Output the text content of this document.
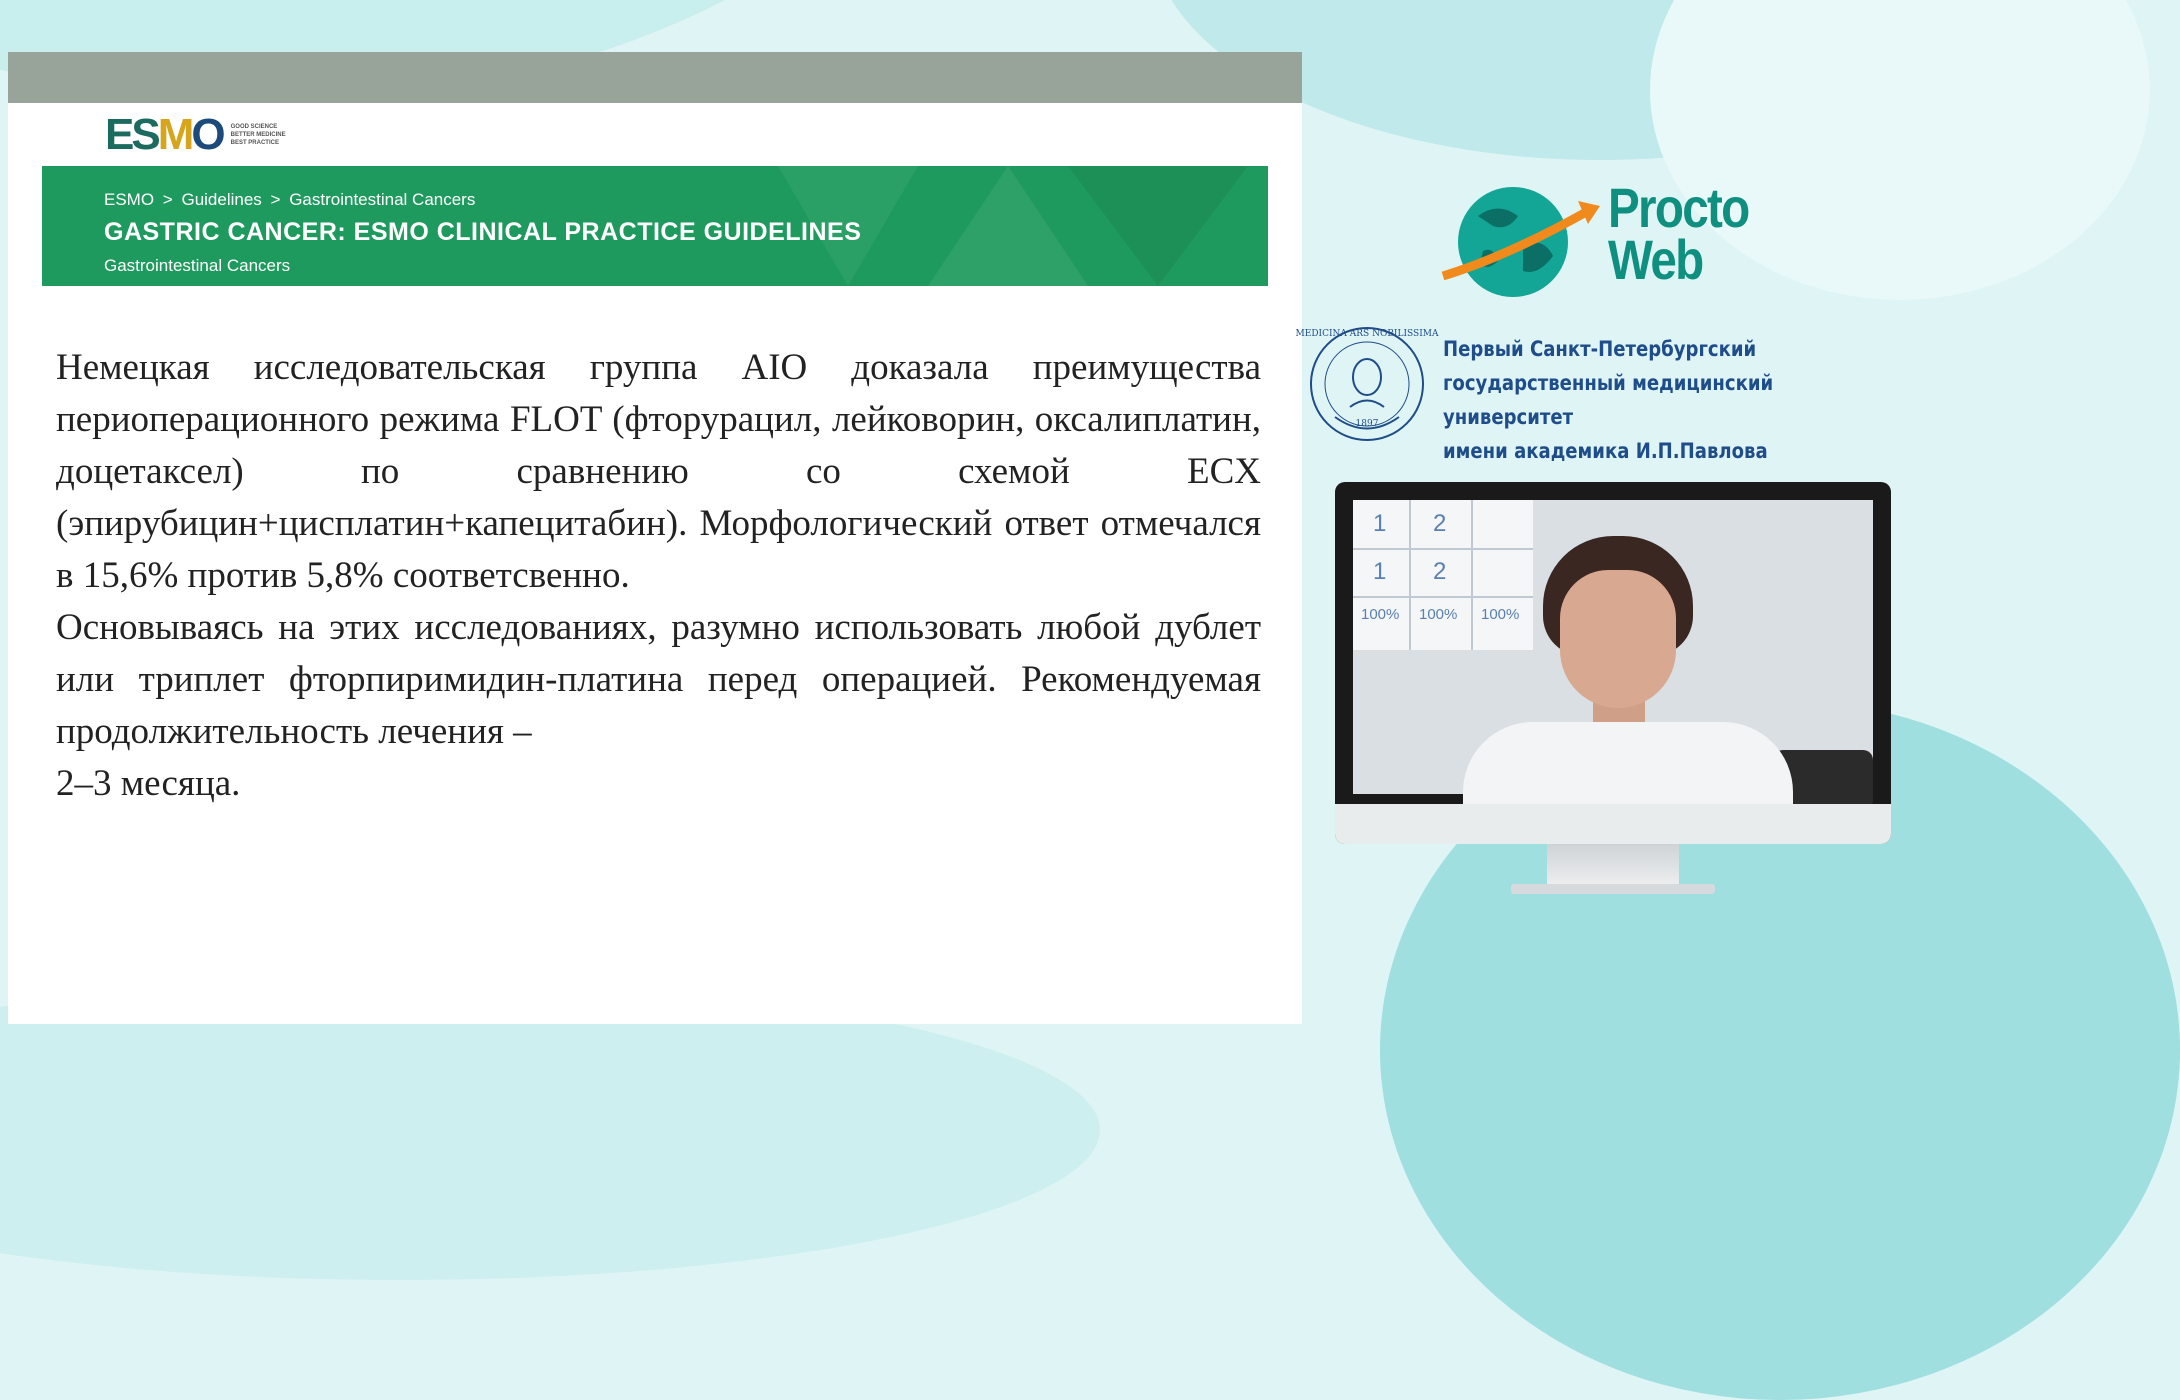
ESMO GOOD SCIENCE
BETTER MEDICINE
BEST PRACTICE
ESMO > Guidelines > Gastrointestinal Cancers
GASTRIC CANCER: ESMO CLINICAL PRACTICE GUIDELINES
Gastrointestinal Cancers

Немецкая исследовательская группа AIO доказала преимущества периоперационного режима FLOT (фторурацил, лейковорин, оксалиплатин, доцетаксел) по сравнению со схемой ECX (эпирубицин+цисплатин+капецитабин). Морфологический ответ отмечался в 15,6% против 5,8% соответсвенно.

Основываясь на этих исследованиях, разумно использовать любой дублет или триплет фторпиримидин-платина перед операцией. Рекомендуемая продолжительность лечения –

2–3 месяца.

Procto
Web
MEDICINA ARS NOBILISSIMA
1897
Первый Санкт-Петербургский
государственный медицинский университет
имени академика И.П.Павлова
1 2
1 2
100% 100% 100%
